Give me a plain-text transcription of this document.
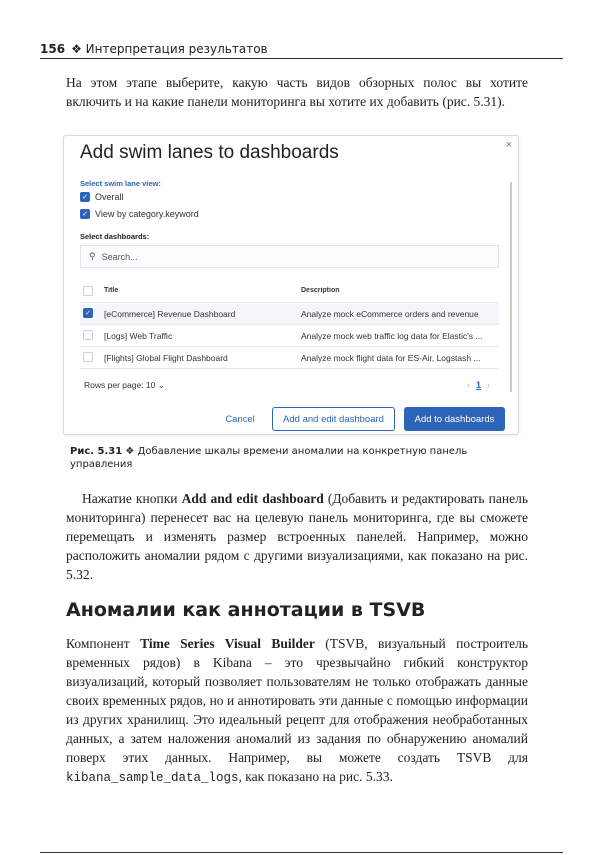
156 ❖ Интерпретация результатов
На этом этапе выберите, какую часть видов обзорных полос вы хотите включить и на какие панели мониторинга вы хотите их добавить (рис. 5.31).
Add swim lanes to dashboards	×
Select swim lane view:
✓ Overall
✓ View by category.keyword
Select dashboards:
⚲ Search...
Title	Description
✓ [eCommerce] Revenue Dashboard	Analyze mock eCommerce orders and revenue
[Logs] Web Traffic	Analyze mock web traffic log data for Elastic's ...
[Flights] Global Flight Dashboard	Analyze mock flight data for ES-Air, Logstash ...
Rows per page: 10 ⌄	‹ 1 ›
Cancel	Add and edit dashboard	Add to dashboards
Рис. 5.31 ❖ Добавление шкалы времени аномалии на конкретную панель управления
Нажатие кнопки Add and edit dashboard (Добавить и редактировать панель мониторинга) перенесет вас на целевую панель мониторинга, где вы сможете перемещать и изменять размер встроенных панелей. Например, можно расположить аномалии рядом с другими визуализациями, как показано на рис. 5.32.
Аномалии как аннотации в TSVB
Компонент Time Series Visual Builder (TSVB, визуальный построитель временных рядов) в Kibana – это чрезвычайно гибкий конструктор визуализаций, который позволяет пользователям не только отображать данные своих временных рядов, но и аннотировать эти данные с помощью информации из других хранилищ. Это идеальный рецепт для отображения необработанных данных, а затем наложения аномалий из задания по обнаружению аномалий поверх этих данных. Например, вы можете создать TSVB для kibana_sample_data_logs, как показано на рис. 5.33.
